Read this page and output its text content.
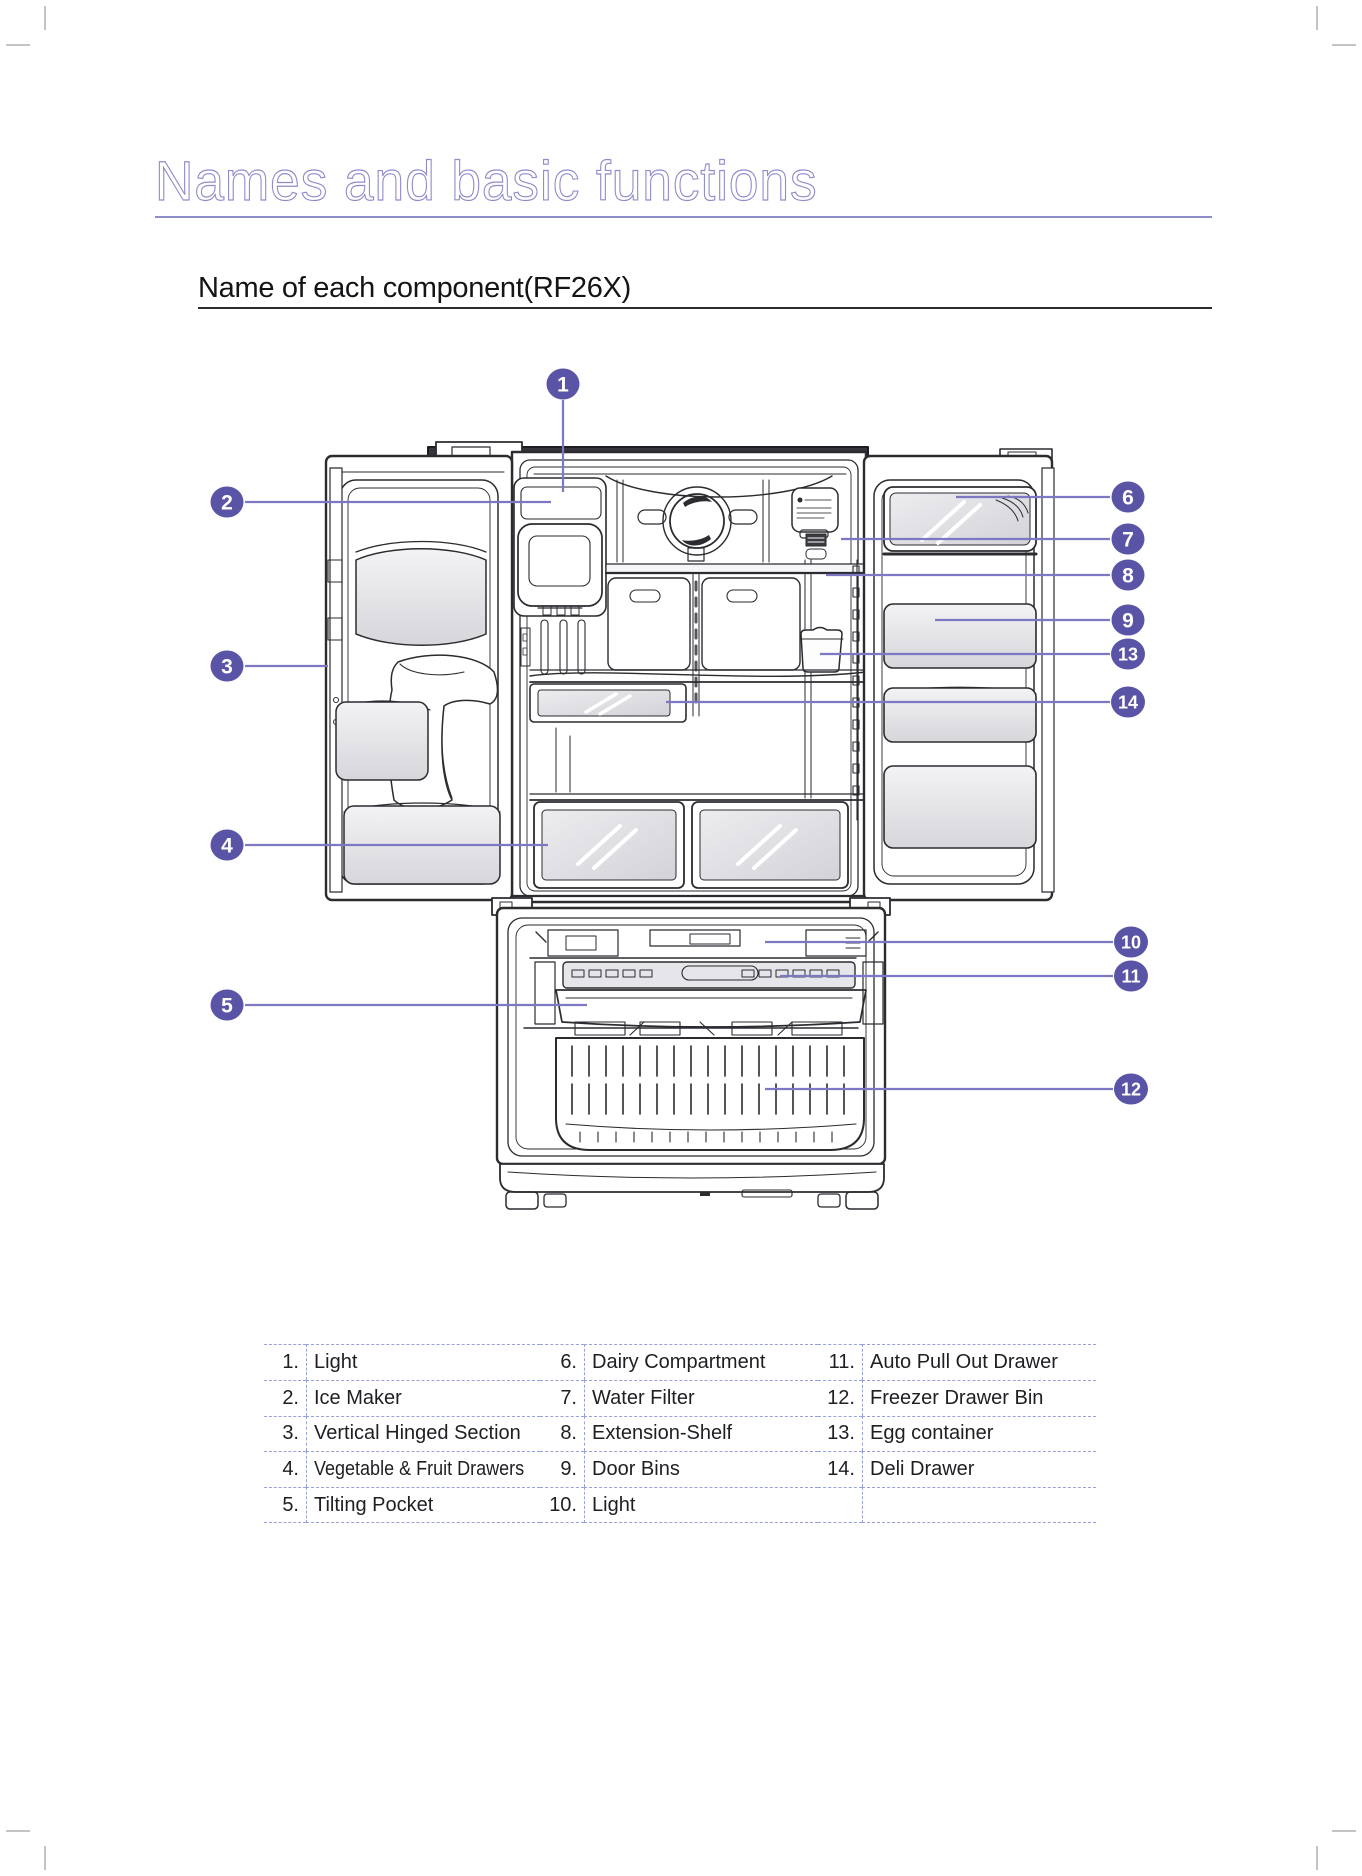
Names and basic functions
Name of each component(RF26X)
1
2
3
4
5
6
7
8
9
13
14
10
11
12
1. Light	6. Dairy Compartment	11. Auto Pull Out Drawer
2. Ice Maker	7. Water Filter	12. Freezer Drawer Bin
3. Vertical Hinged Section 8. Extension-Shelf	13. Egg container
4. Vegetable & Fruit Drawers 9. Door Bins	14. Deli Drawer
5. Tilting Pocket	10. Light
